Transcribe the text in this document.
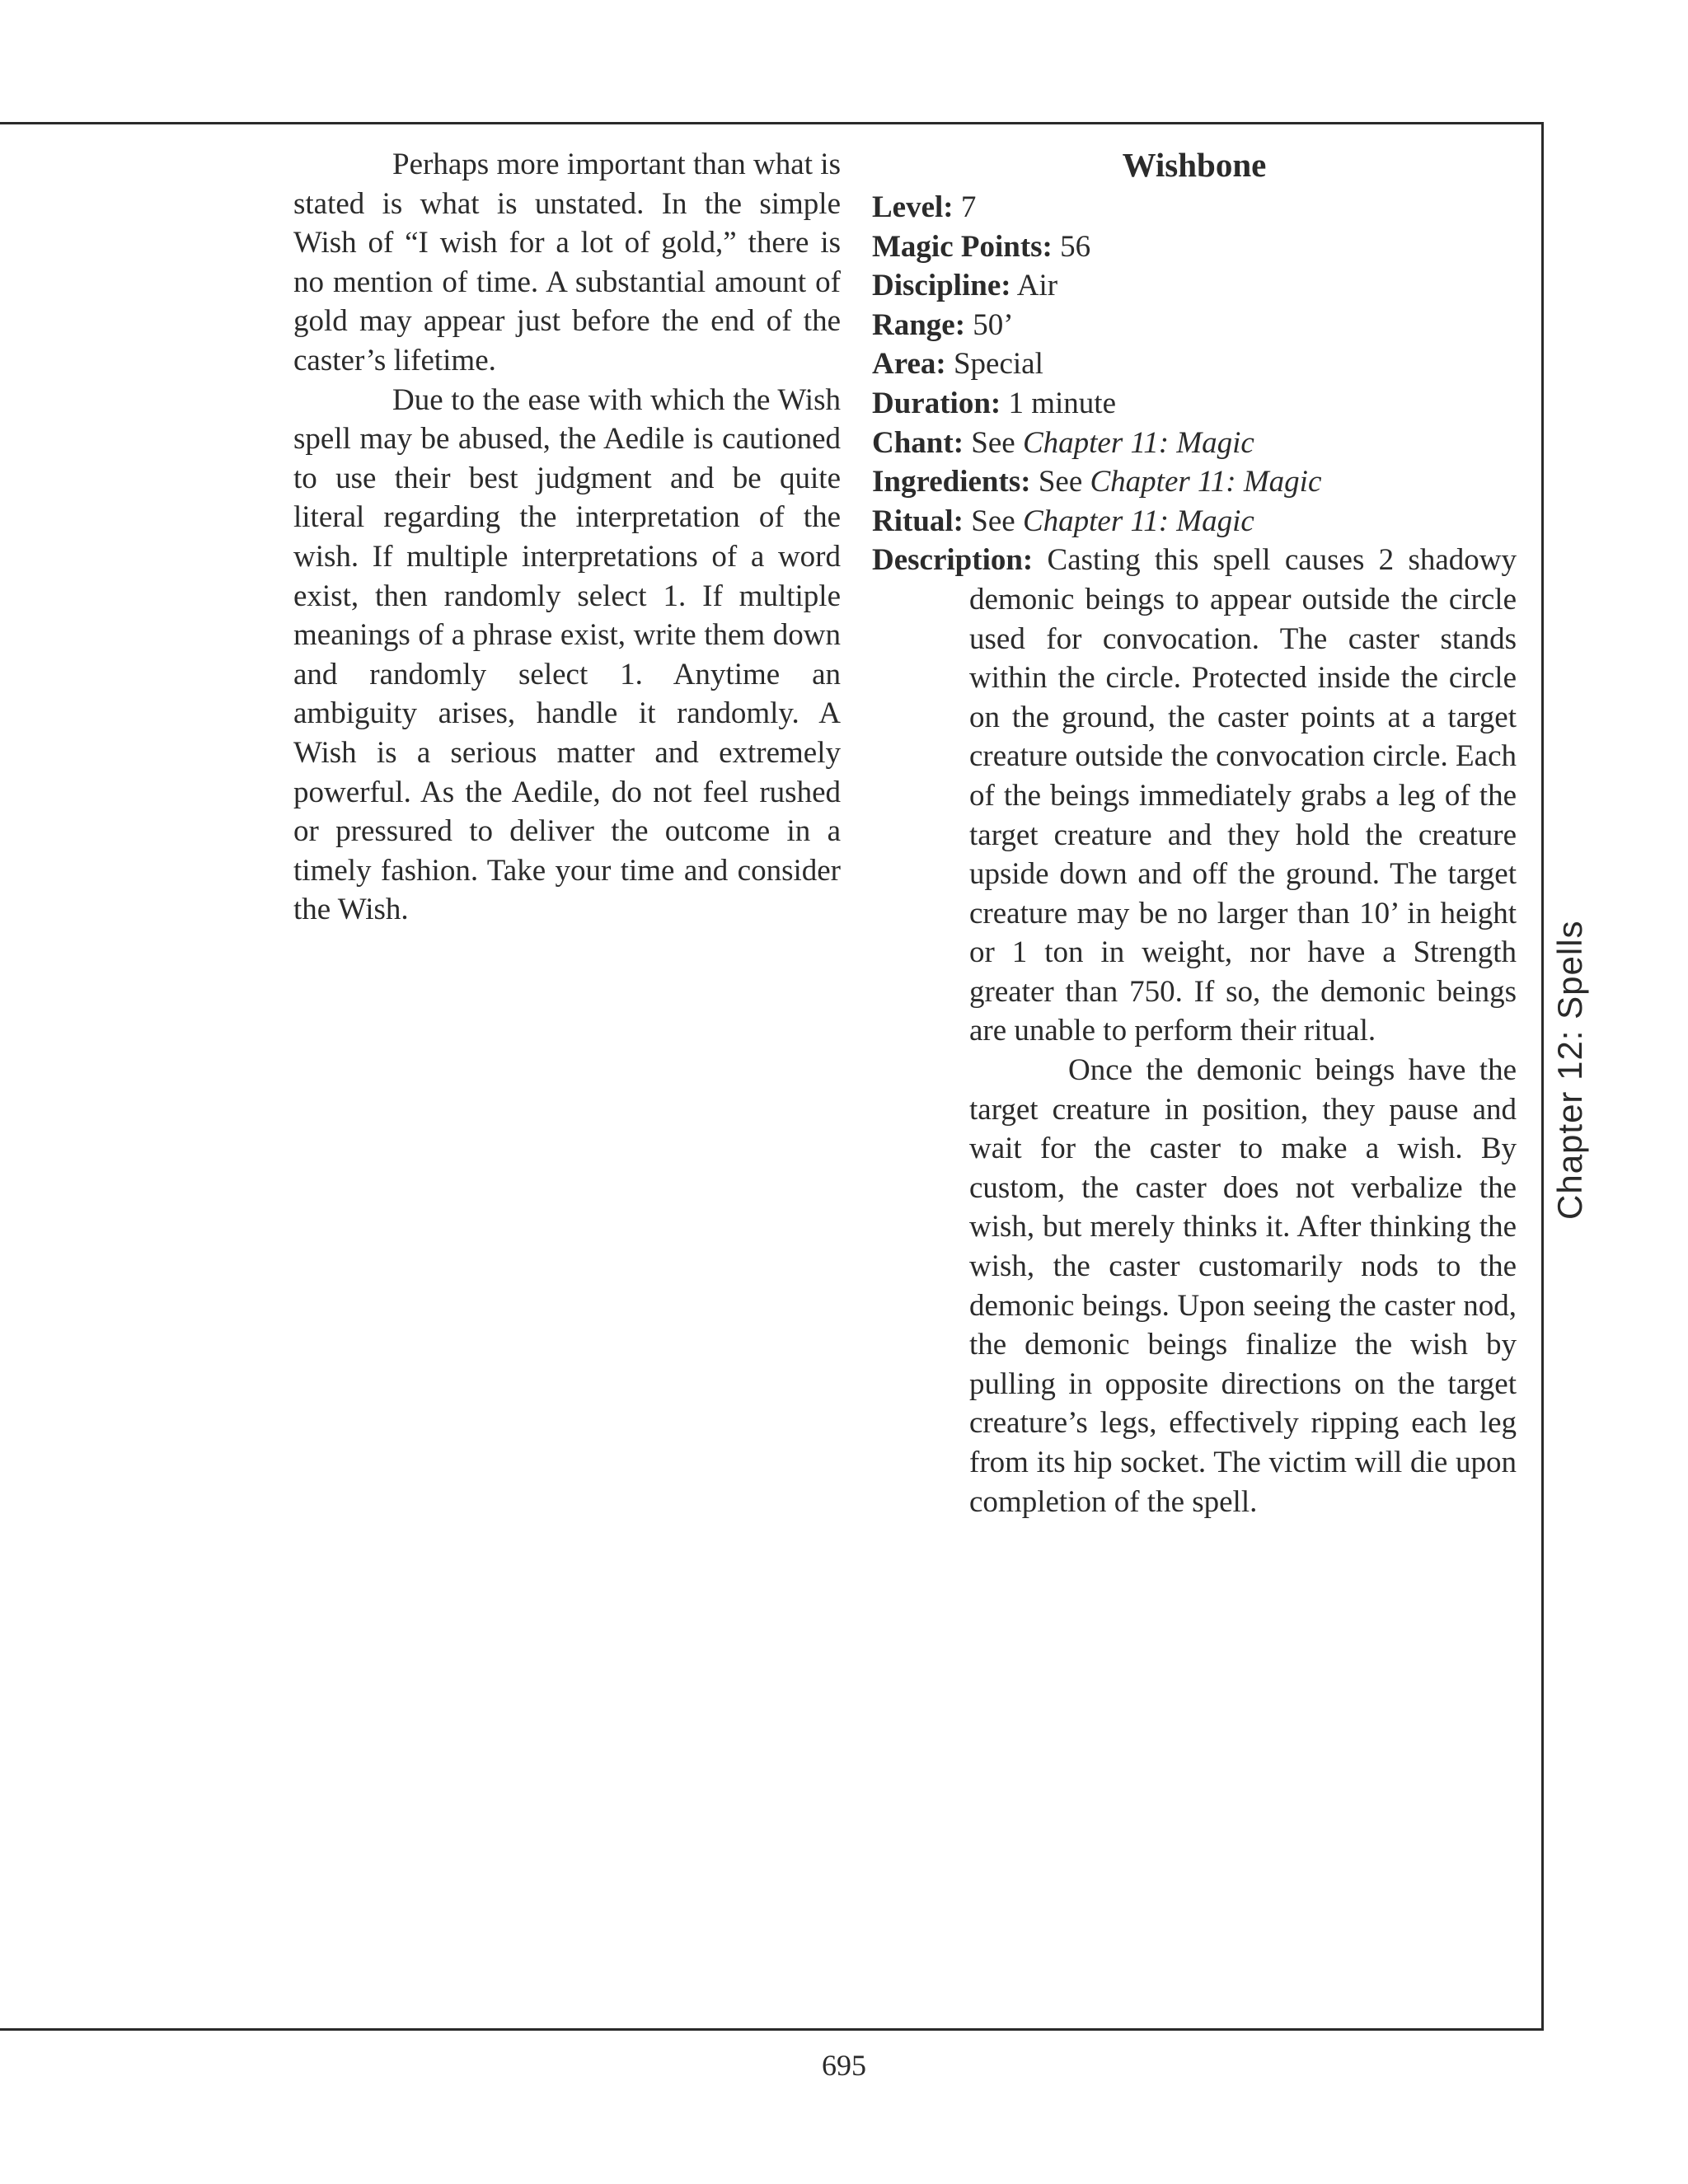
Perhaps more important than what is stated is what is unstated. In the simple Wish of “I wish for a lot of gold,” there is no mention of time. A substantial amount of gold may appear just before the end of the caster’s lifetime.

Due to the ease with which the Wish spell may be abused, the Aedile is cautioned to use their best judgment and be quite literal regarding the interpretation of the wish. If multiple interpretations of a word exist, then randomly select 1. If multiple meanings of a phrase exist, write them down and randomly select 1. Anytime an ambiguity arises, handle it randomly. A Wish is a serious matter and extremely powerful. As the Aedile, do not feel rushed or pressured to deliver the outcome in a timely fashion. Take your time and consider the Wish.

Wishbone
Level: 7
Magic Points: 56
Discipline: Air
Range: 50’
Area: Special
Duration: 1 minute
Chant: See Chapter 11: Magic
Ingredients: See Chapter 11: Magic
Ritual: See Chapter 11: Magic
Description: Casting this spell causes 2 shadowy demonic beings to appear outside the circle used for convocation. The caster stands within the circle. Protected inside the circle on the ground, the caster points at a target creature outside the convocation circle. Each of the beings immediately grabs a leg of the target creature and they hold the creature upside down and off the ground. The target creature may be no larger than 10’ in height or 1 ton in weight, nor have a Strength greater than 750. If so, the demonic beings are unable to perform their ritual.

Once the demonic beings have the target creature in position, they pause and wait for the caster to make a wish. By custom, the caster does not verbalize the wish, but merely thinks it. After thinking the wish, the caster customarily nods to the demonic beings. Upon seeing the caster nod, the demonic beings finalize the wish by pulling in opposite directions on the target creature’s legs, effectively ripping each leg from its hip socket. The victim will die upon completion of the spell.

Chapter 12: Spells
695
